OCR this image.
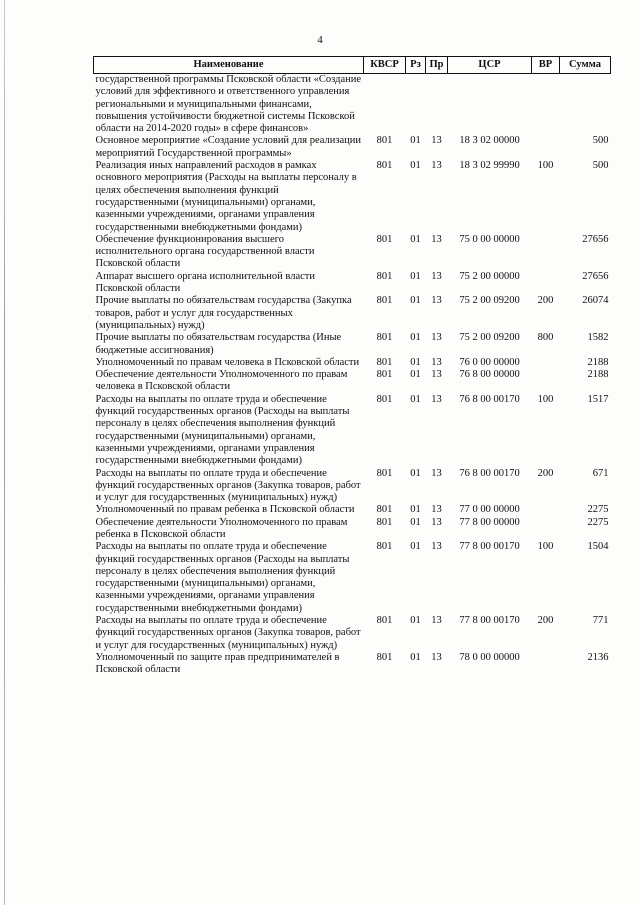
4
Наименование	КВСР	Рз	Пр	ЦСР	ВР	Сумма
государственной программы Псковской области «Создание условий для эффективного и ответственного управления региональными и муниципальными финансами, повышения устойчивости бюджетной системы Псковской области на 2014-2020 годы» в сфере финансов»						
Основное мероприятие «Создание условий для реализации мероприятий Государственной программы»	801	01	13	18 3 02 00000		500
Реализация иных направлений расходов в рамках основного мероприятия (Расходы на выплаты персоналу в целях обеспечения выполнения функций государственными (муниципальными) органами, казенными учреждениями, органами управления государственными внебюджетными фондами)	801	01	13	18 3 02 99990	100	500
Обеспечение функционирования высшего исполнительного органа государственной власти Псковской области	801	01	13	75 0 00 00000		27656
Аппарат высшего органа исполнительной власти Псковской области	801	01	13	75 2 00 00000		27656
Прочие выплаты по обязательствам государства (Закупка товаров, работ и услуг для государственных (муниципальных) нужд)	801	01	13	75 2 00 09200	200	26074
Прочие выплаты по обязательствам государства (Иные бюджетные ассигнования)	801	01	13	75 2 00 09200	800	1582
Уполномоченный по правам человека в Псковской области	801	01	13	76 0 00 00000		2188
Обеспечение деятельности Уполномоченного по правам человека в Псковской области	801	01	13	76 8 00 00000		2188
Расходы на выплаты по оплате труда и обеспечение функций государственных органов (Расходы на выплаты персоналу в целях обеспечения выполнения функций государственными (муниципальными) органами, казенными учреждениями, органами управления государственными внебюджетными фондами)	801	01	13	76 8 00 00170	100	1517
Расходы на выплаты по оплате труда и обеспечение функций государственных органов (Закупка товаров, работ и услуг для государственных (муниципальных) нужд)	801	01	13	76 8 00 00170	200	671
Уполномоченный по правам ребенка в Псковской области	801	01	13	77 0 00 00000		2275
Обеспечение деятельности Уполномоченного по правам ребенка в Псковской области	801	01	13	77 8 00 00000		2275
Расходы на выплаты по оплате труда и обеспечение функций государственных органов (Расходы на выплаты персоналу в целях обеспечения выполнения функций государственными (муниципальными) органами, казенными учреждениями, органами управления государственными внебюджетными фондами)	801	01	13	77 8 00 00170	100	1504
Расходы на выплаты по оплате труда и обеспечение функций государственных органов (Закупка товаров, работ и услуг для государственных (муниципальных) нужд)	801	01	13	77 8 00 00170	200	771
Уполномоченный по защите прав предпринимателей в Псковской области	801	01	13	78 0 00 00000		2136
